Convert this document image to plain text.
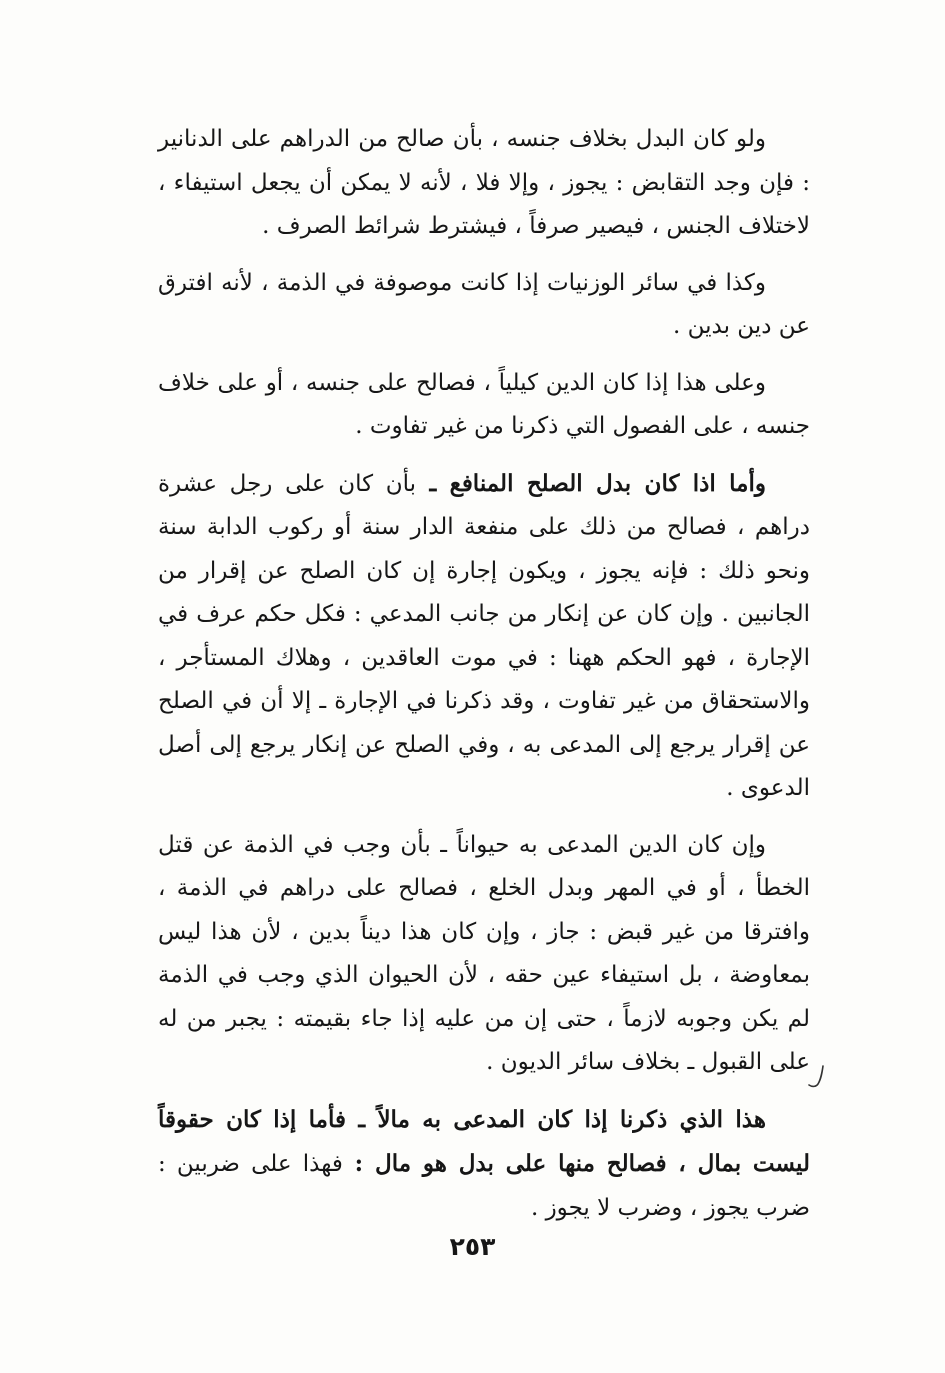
ولو كان البدل بخلاف جنسه ، بأن صالح من الدراهم على الدنانير : فإن وجد التقابض : يجوز ، وإلا فلا ، لأنه لا يمكن أن يجعل استيفاء ، لاختلاف الجنس ، فيصير صرفاً ، فيشترط شرائط الصرف .

وكذا في سائر الوزنيات إذا كانت موصوفة في الذمة ، لأنه افترق عن دين بدين .

وعلى هذا إذا كان الدين كيلياً ، فصالح على جنسه ، أو على خلاف جنسه ، على الفصول التي ذكرنا من غير تفاوت .

وأما اذا كان بدل الصلح المنافع ـ بأن كان على رجل عشرة دراهم ، فصالح من ذلك على منفعة الدار سنة أو ركوب الدابة سنة ونحو ذلك : فإنه يجوز ، ويكون إجارة إن كان الصلح عن إقرار من الجانبين . وإن كان عن إنكار من جانب المدعي : فكل حكم عرف في الإجارة ، فهو الحكم ههنا : في موت العاقدين ، وهلاك المستأجر ، والاستحقاق من غير تفاوت ، وقد ذكرنا في الإجارة ـ إلا أن في الصلح عن إقرار يرجع إلى المدعى به ، وفي الصلح عن إنكار يرجع إلى أصل الدعوى .

وإن كان الدين المدعى به حيواناً ـ بأن وجب في الذمة عن قتل الخطأ ، أو في المهر وبدل الخلع ، فصالح على دراهم في الذمة ، وافترقا من غير قبض : جاز ، وإن كان هذا ديناً بدين ، لأن هذا ليس بمعاوضة ، بل استيفاء عين حقه ، لأن الحيوان الذي وجب في الذمة لم يكن وجوبه لازماً ، حتى إن من عليه إذا جاء بقيمته : يجبر من له على القبول ـ بخلاف سائر الديون .

هذا الذي ذكرنا إذا كان المدعى به مالاً ـ فأما إذا كان حقوقاً ليست بمال ، فصالح منها على بدل هو مال : فهذا على ضربين : ضرب يجوز ، وضرب لا يجوز .

٢٥٣
